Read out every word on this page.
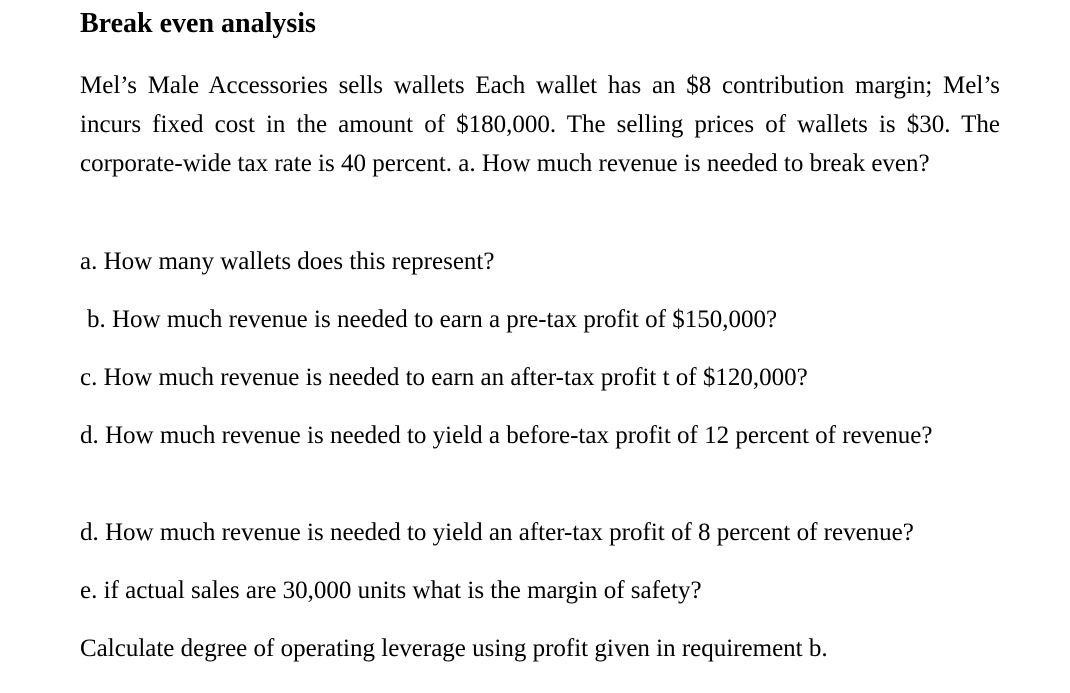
Break even analysis

Mel’s Male Accessories sells wallets Each wallet has an $8 contribution margin; Mel’s incurs fixed cost in the amount of $180,000. The selling prices of wallets is $30. The corporate-wide tax rate is 40 percent. a. How much revenue is needed to break even?

a. How many wallets does this represent?

b. How much revenue is needed to earn a pre-tax profit of $150,000?

c. How much revenue is needed to earn an after-tax profit t of $120,000?

d. How much revenue is needed to yield a before-tax profit of 12 percent of revenue?

d. How much revenue is needed to yield an after-tax profit of 8 percent of revenue?

e. if actual sales are 30,000 units what is the margin of safety?

Calculate degree of operating leverage using profit given in requirement b.
